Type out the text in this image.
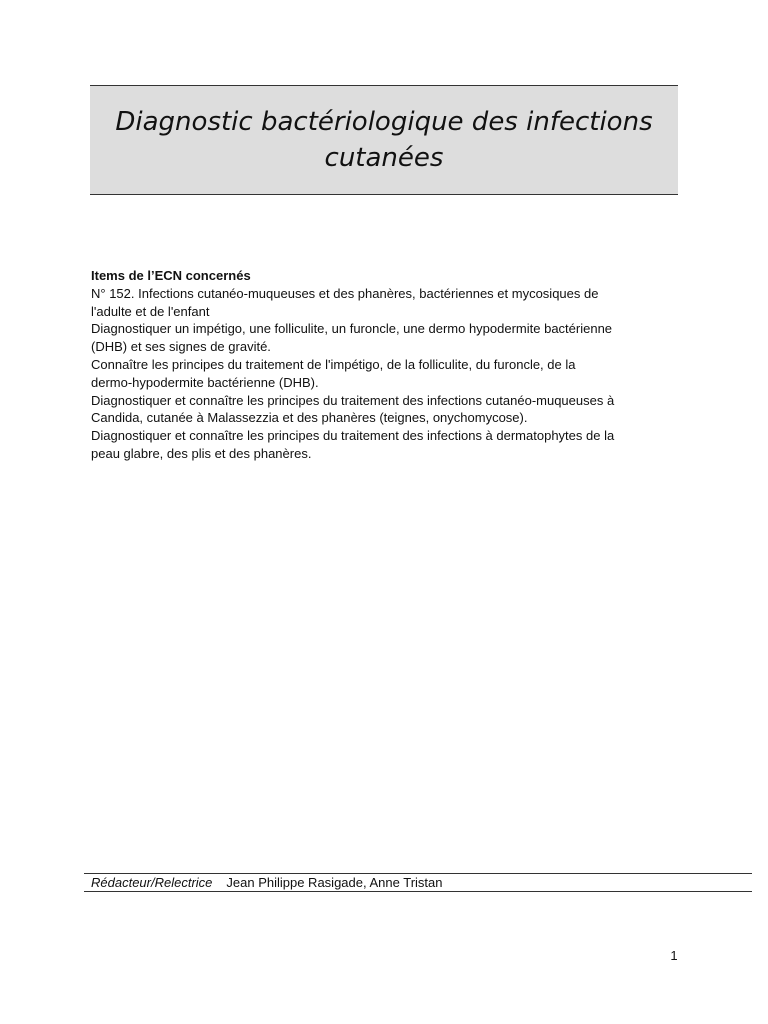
Diagnostic bactériologique des infections cutanées

Items de l’ECN concernés

N° 152. Infections cutanéo-muqueuses et des phanères, bactériennes et mycosiques de

l'adulte et de l'enfant

Diagnostiquer un impétigo, une folliculite, un furoncle, une dermo hypodermite bactérienne

(DHB) et ses signes de gravité.

Connaître les principes du traitement de l'impétigo, de la folliculite, du furoncle, de la

dermo-hypodermite bactérienne (DHB).

Diagnostiquer et connaître les principes du traitement des infections cutanéo-muqueuses à

Candida, cutanée à Malassezzia et des phanères (teignes, onychomycose).

Diagnostiquer et connaître les principes du traitement des infections à dermatophytes de la

peau glabre, des plis et des phanères.

Rédacteur/Relectrice Jean Philippe Rasigade, Anne Tristan
1
